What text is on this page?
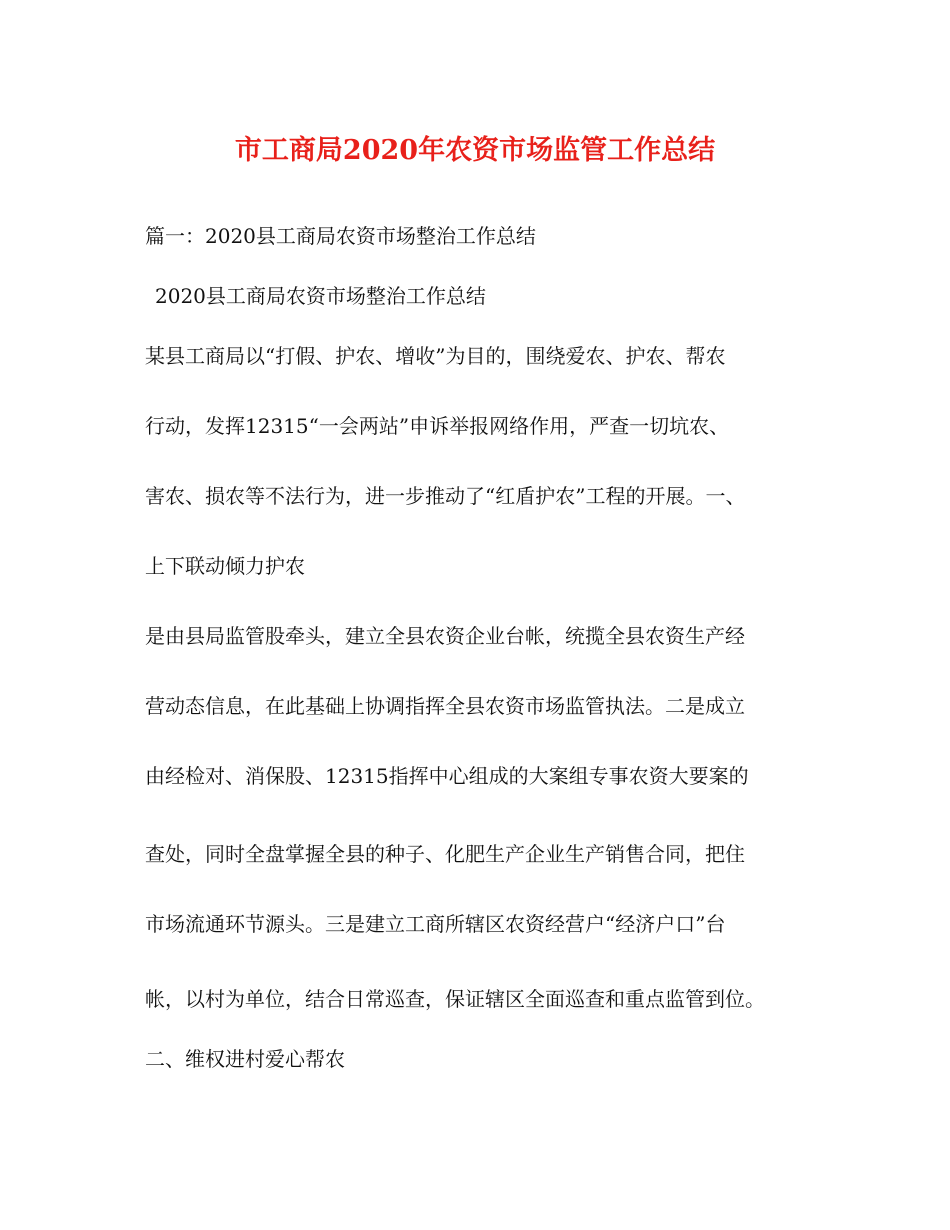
市工商局2020年农资市场监管工作总结

篇一：2020县工商局农资市场整治工作总结

2020县工商局农资市场整治工作总结

某县工商局以“打假、护农、增收”为目的，围绕爱农、护农、帮农

行动，发挥12315“一会两站”申诉举报网络作用，严查一切坑农、

害农、损农等不法行为，进一步推动了“红盾护农”工程的开展。一、

上下联动倾力护农

是由县局监管股牵头，建立全县农资企业台帐，统揽全县农资生产经

营动态信息，在此基础上协调指挥全县农资市场监管执法。二是成立

由经检对、消保股、12315指挥中心组成的大案组专事农资大要案的

查处，同时全盘掌握全县的种子、化肥生产企业生产销售合同，把住

市场流通环节源头。三是建立工商所辖区农资经营户“经济户口”台

帐，以村为单位，结合日常巡查，保证辖区全面巡查和重点监管到位。

二、维权进村爱心帮农
